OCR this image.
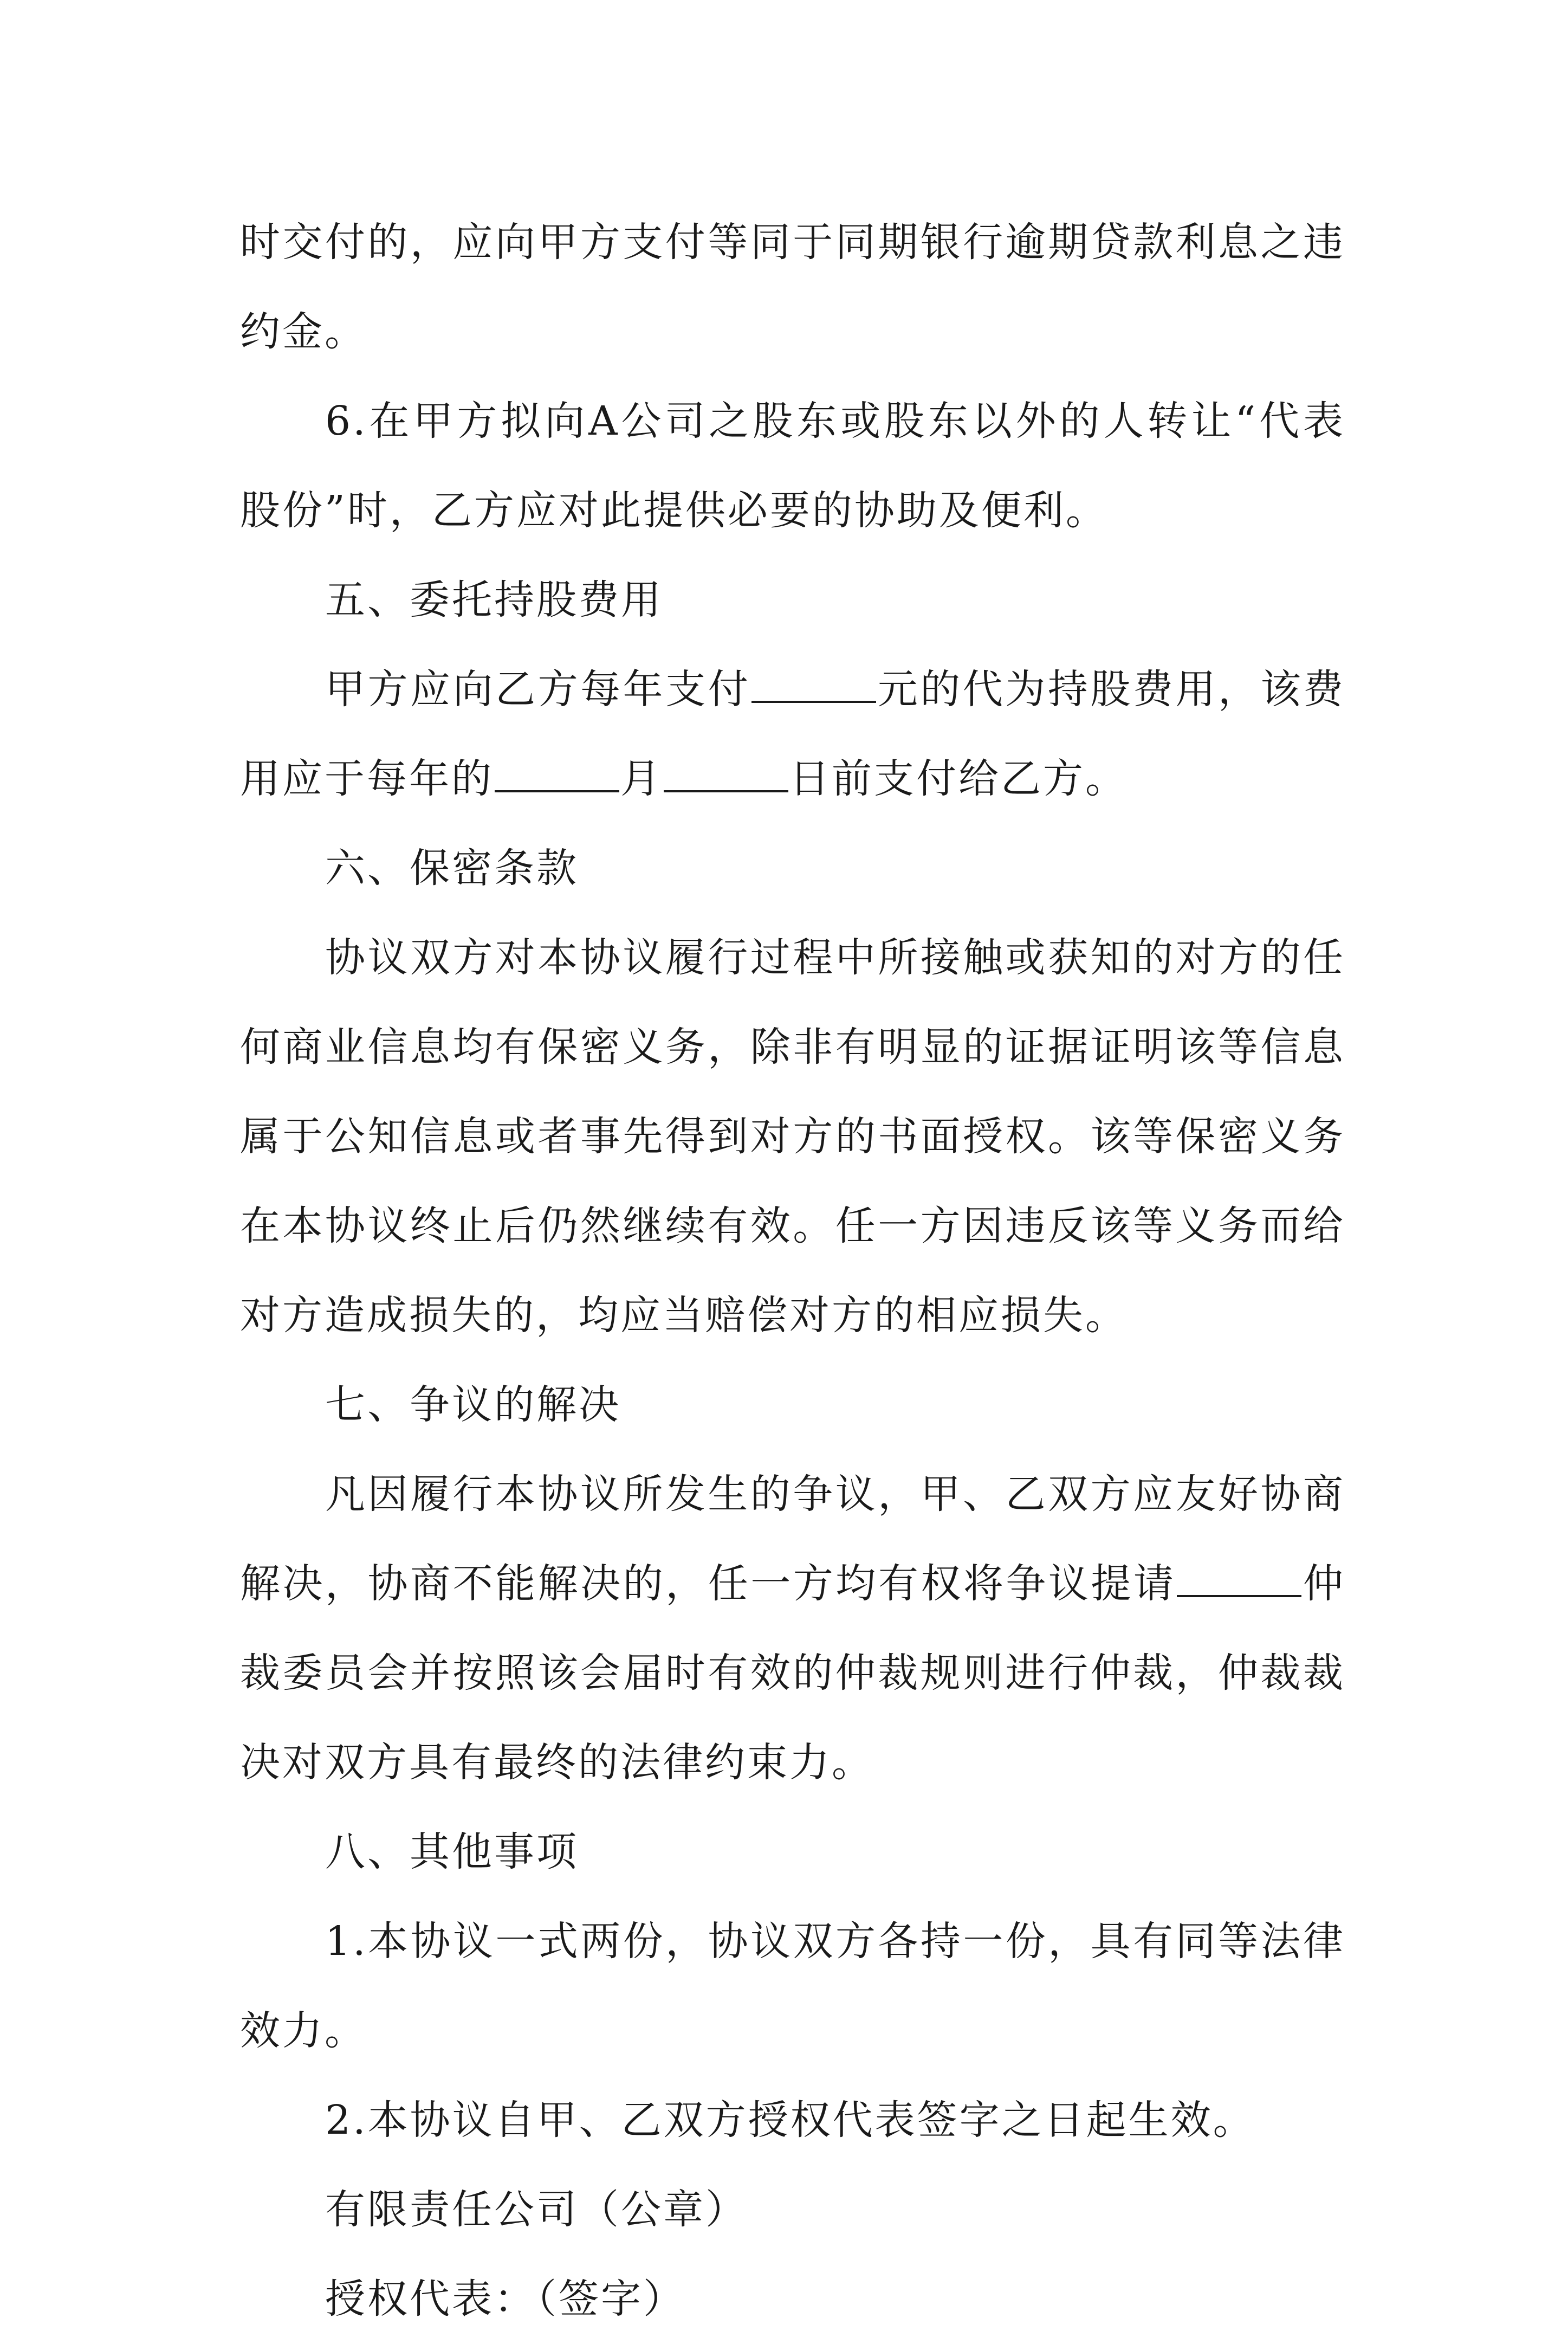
时交付的，应向甲方支付等同于同期银行逾期贷款利息之违约金。

6.在甲方拟向A公司之股东或股东以外的人转让“代表股份”时，乙方应对此提供必要的协助及便利。

五、委托持股费用

甲方应向乙方每年支付	元的代为持股费用，该费用应于每年的	月	日前支付给乙方。

六、保密条款

协议双方对本协议履行过程中所接触或获知的对方的任何商业信息均有保密义务，除非有明显的证据证明该等信息属于公知信息或者事先得到对方的书面授权。该等保密义务在本协议终止后仍然继续有效。任一方因违反该等义务而给对方造成损失的，均应当赔偿对方的相应损失。

七、争议的解决

凡因履行本协议所发生的争议，甲、乙双方应友好协商解决，协商不能解决的，任一方均有权将争议提请	仲裁委员会并按照该会届时有效的仲裁规则进行仲裁，仲裁裁决对双方具有最终的法律约束力。

八、其他事项

1.本协议一式两份，协议双方各持一份，具有同等法律效力。

2.本协议自甲、乙双方授权代表签字之日起生效。

有限责任公司（公章）

授权代表：（签字）
